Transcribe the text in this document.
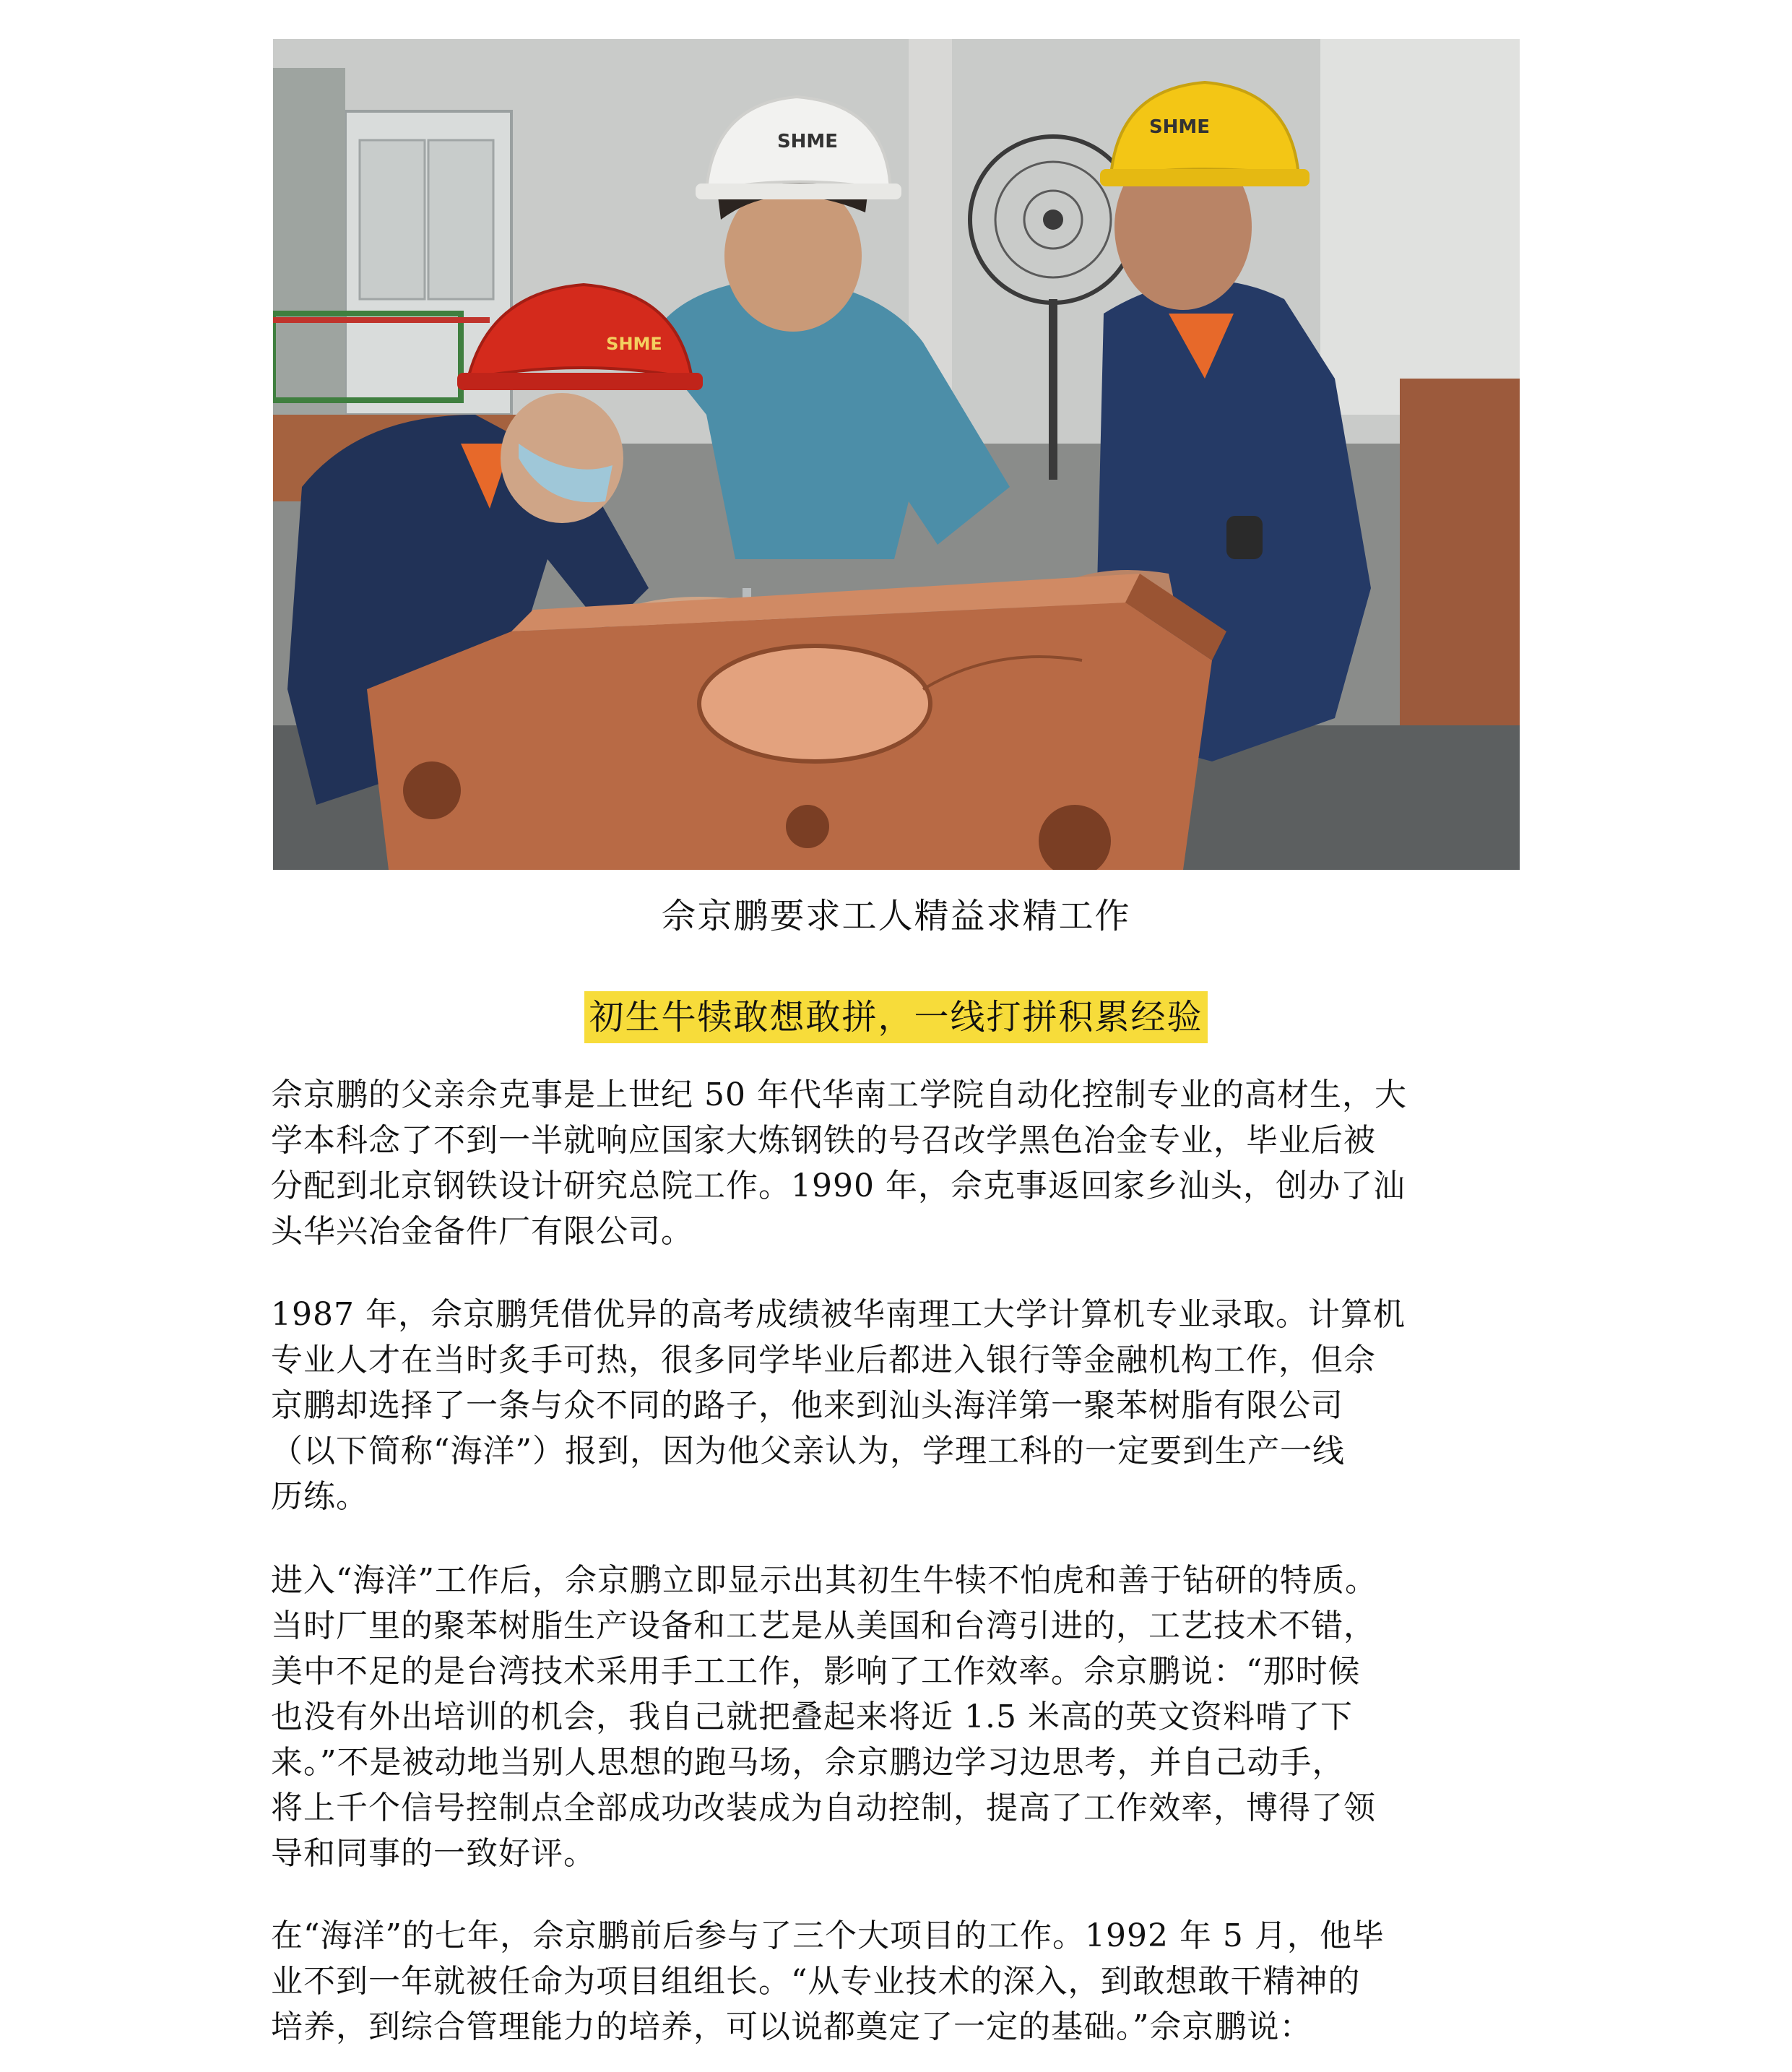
SHME
SHME
SHME
佘京鹏要求工人精益求精工作
初生牛犊敢想敢拼，一线打拼积累经验

佘京鹏的父亲佘克事是上世纪 50 年代华南工学院自动化控制专业的高材生，大
学本科念了不到一半就响应国家大炼钢铁的号召改学黑色冶金专业，毕业后被
分配到北京钢铁设计研究总院工作。1990 年，佘克事返回家乡汕头，创办了汕
头华兴冶金备件厂有限公司。

1987 年，佘京鹏凭借优异的高考成绩被华南理工大学计算机专业录取。计算机
专业人才在当时炙手可热，很多同学毕业后都进入银行等金融机构工作，但佘
京鹏却选择了一条与众不同的路子，他来到汕头海洋第一聚苯树脂有限公司
（以下简称“海洋”）报到，因为他父亲认为，学理工科的一定要到生产一线
历练。

进入“海洋”工作后，佘京鹏立即显示出其初生牛犊不怕虎和善于钻研的特质。
当时厂里的聚苯树脂生产设备和工艺是从美国和台湾引进的，工艺技术不错，
美中不足的是台湾技术采用手工工作，影响了工作效率。佘京鹏说：“那时候
也没有外出培训的机会，我自己就把叠起来将近 1.5 米高的英文资料啃了下
来。”不是被动地当别人思想的跑马场，佘京鹏边学习边思考，并自己动手，
将上千个信号控制点全部成功改装成为自动控制，提高了工作效率，博得了领
导和同事的一致好评。

在“海洋”的七年，佘京鹏前后参与了三个大项目的工作。1992 年 5 月，他毕
业不到一年就被任命为项目组组长。“从专业技术的深入，到敢想敢干精神的
培养，到综合管理能力的培养，可以说都奠定了一定的基础。”佘京鹏说：
